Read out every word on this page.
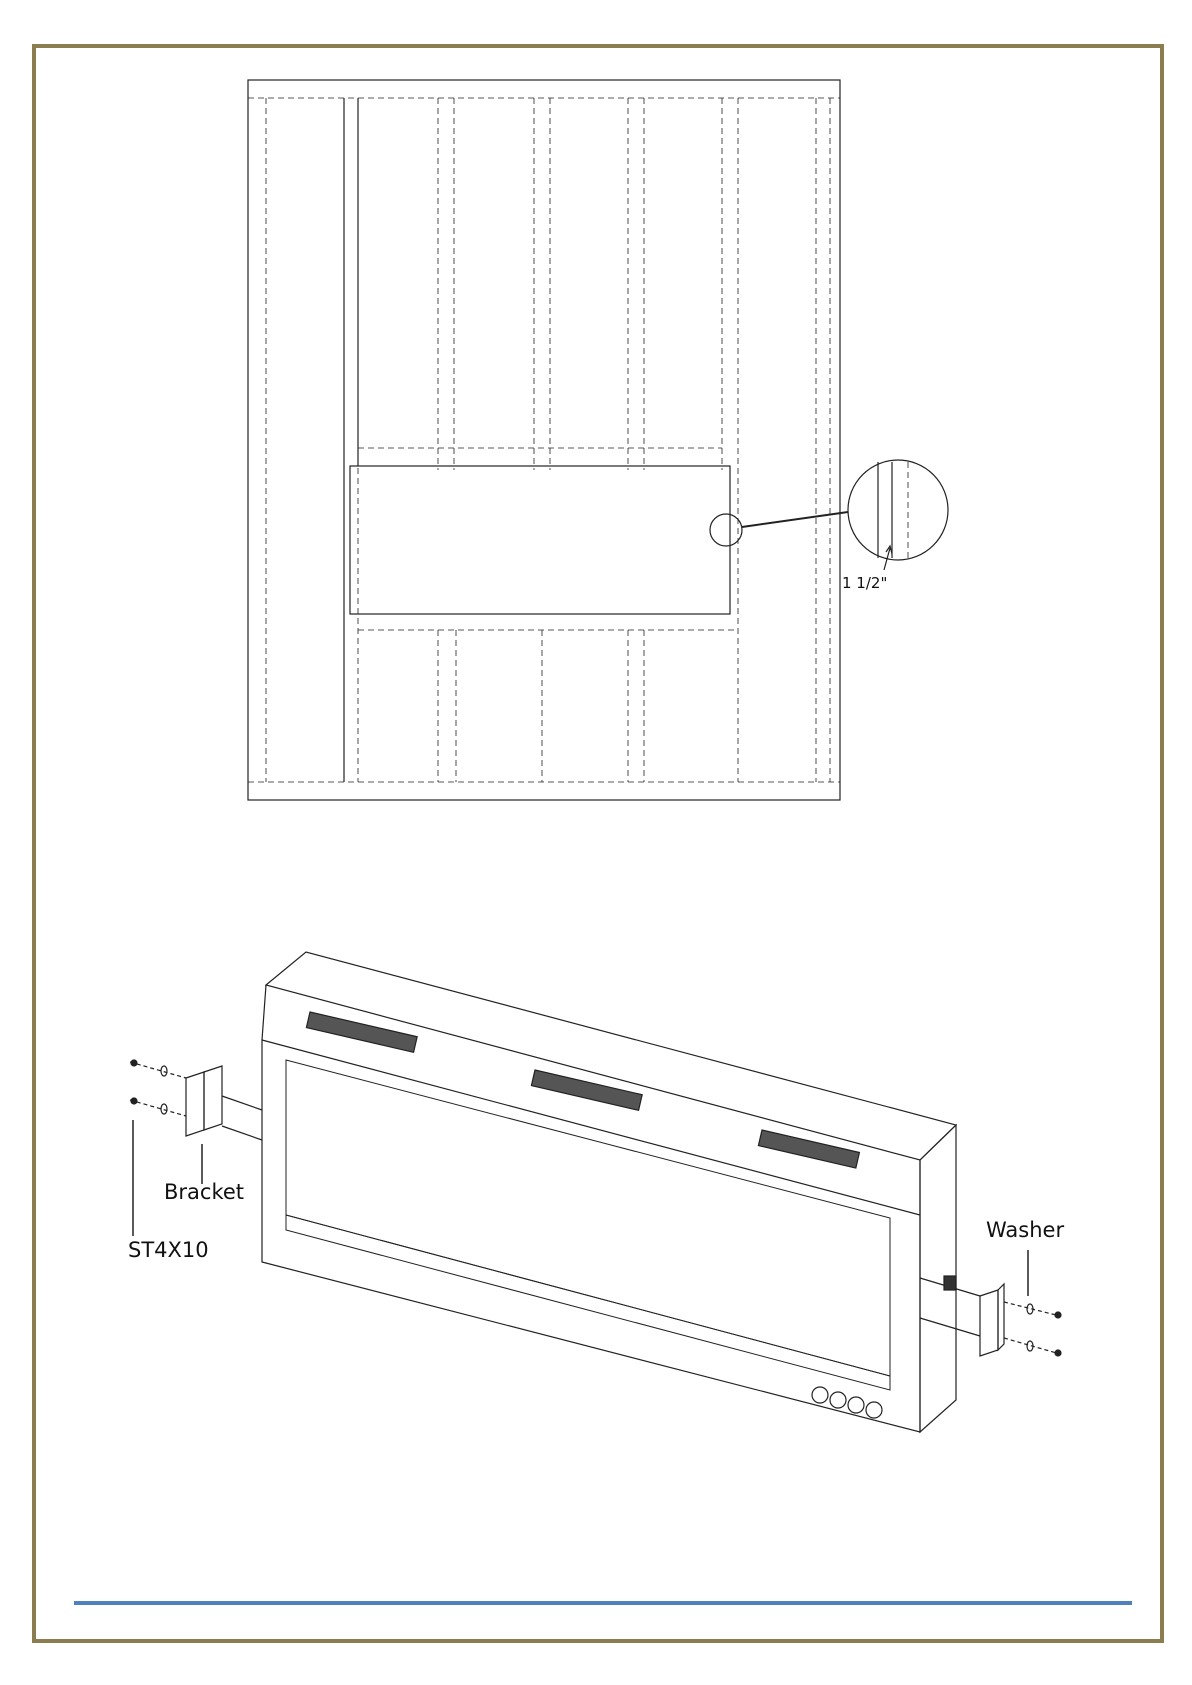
1 1/2"
Bracket
ST4X10
Washer
